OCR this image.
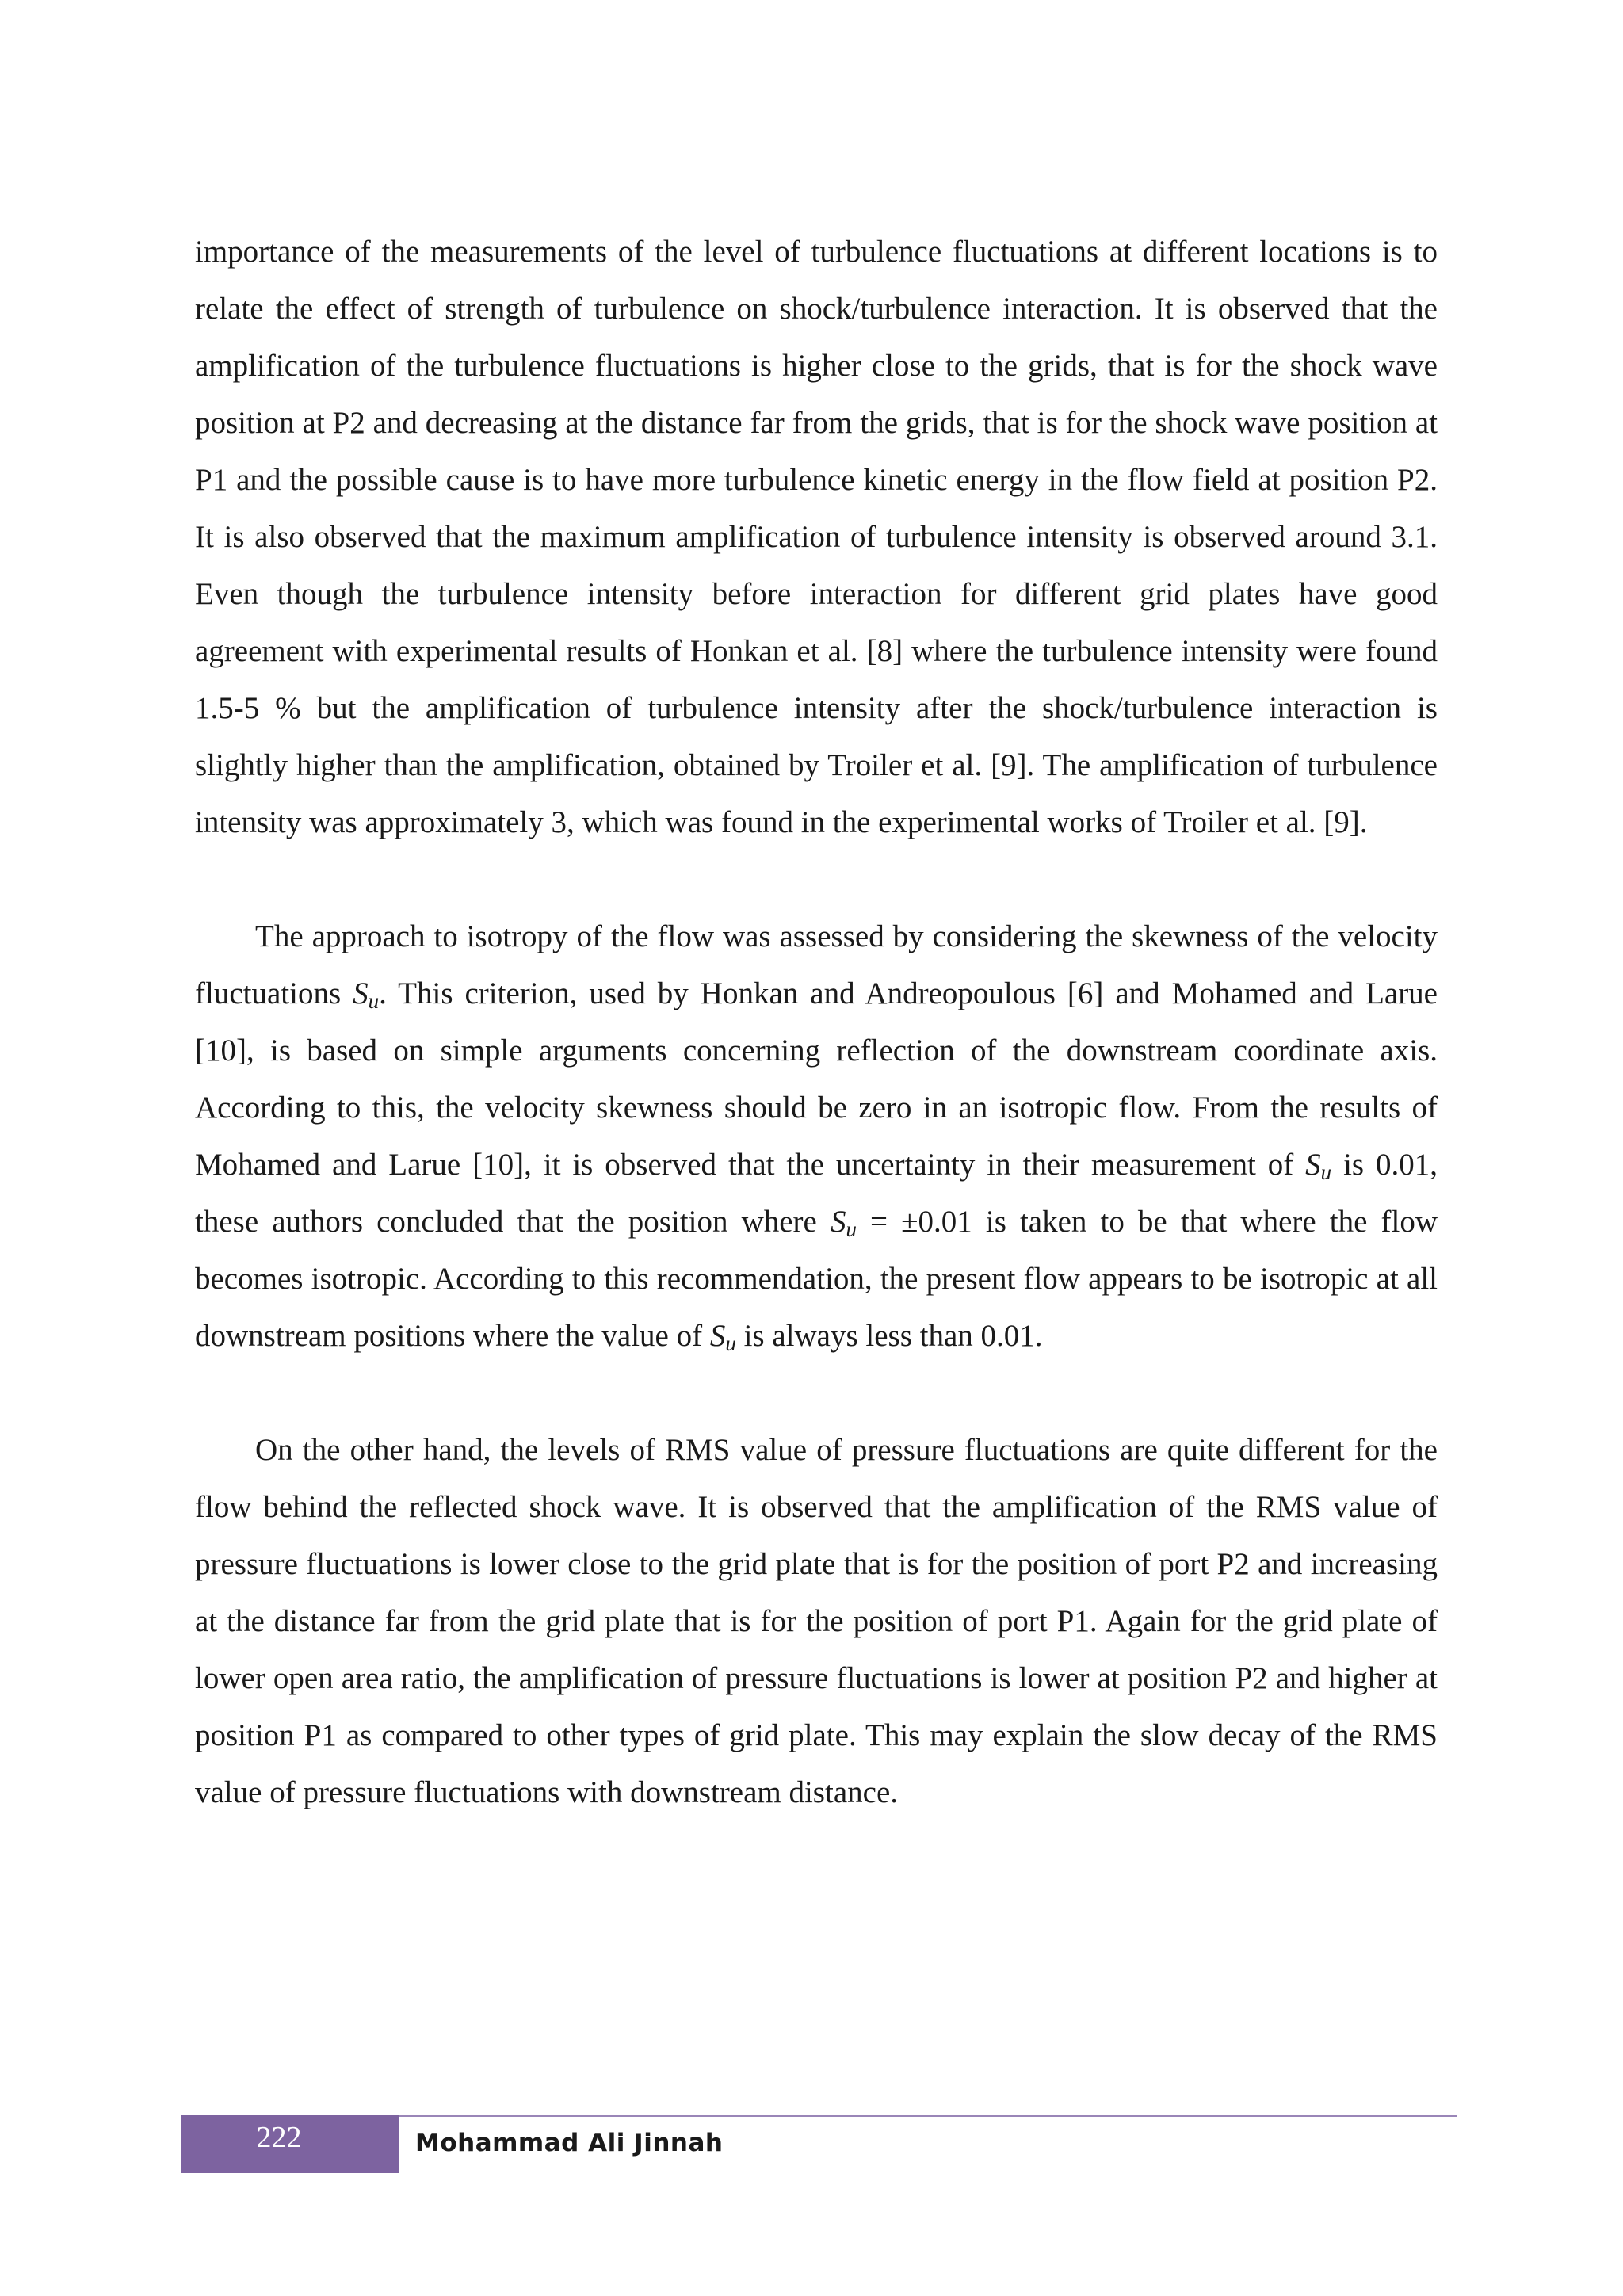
importance of the measurements of the level of turbulence fluctuations at different locations is to relate the effect of strength of turbulence on shock/turbulence interaction. It is observed that the amplification of the turbulence fluctuations is higher close to the grids, that is for the shock wave position at P2 and decreasing at the distance far from the grids, that is for the shock wave position at P1 and the possible cause is to have more turbulence kinetic energy in the flow field at position P2. It is also observed that the maximum amplification of turbulence intensity is observed around 3.1. Even though the turbulence intensity before interaction for different grid plates have good agreement with experimental results of Honkan et al. [8] where the turbulence intensity were found 1.5-5 % but the amplification of turbulence intensity after the shock/turbulence interaction is slightly higher than the amplification, obtained by Troiler et al. [9]. The amplification of turbulence intensity was approximately 3, which was found in the experimental works of Troiler et al. [9].

The approach to isotropy of the flow was assessed by considering the skewness of the velocity fluctuations $S_u$. This criterion, used by Honkan and Andreopoulous [6] and Mohamed and Larue [10], is based on simple arguments concerning reflection of the downstream coordinate axis. According to this, the velocity skewness should be zero in an isotropic flow. From the results of Mohamed and Larue [10], it is observed that the uncertainty in their measurement of $S_u$ is 0.01, these authors concluded that the position where $S_u = \pm 0.01$ is taken to be that where the flow becomes isotropic. According to this recommendation, the present flow appears to be isotropic at all downstream positions where the value of $S_u$ is always less than 0.01.

On the other hand, the levels of RMS value of pressure fluctuations are quite different for the flow behind the reflected shock wave. It is observed that the amplification of the RMS value of pressure fluctuations is lower close to the grid plate that is for the position of port P2 and increasing at the distance far from the grid plate that is for the position of port P1. Again for the grid plate of lower open area ratio, the amplification of pressure fluctuations is lower at position P2 and higher at position P1 as compared to other types of grid plate. This may explain the slow decay of the RMS value of pressure fluctuations with downstream distance.

222	Mohammad Ali Jinnah
